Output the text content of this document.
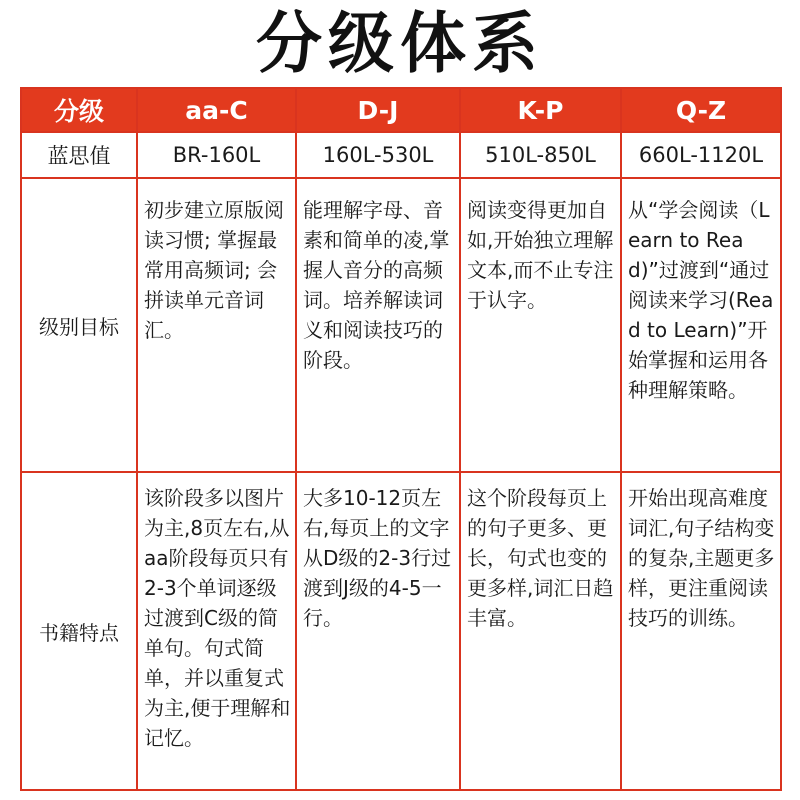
分级体系
分级	aa-C	D-J	K-P	Q-Z
蓝思值	BR-160L	160L-530L	510L-850L	660L-1120L
级别目标	初步建立原版阅读习惯; 掌握最常用高频词; 会拼读单元音词汇。	能理解字母、音素和简单的凌,掌握人音分的高频词。培养解读词义和阅读技巧的阶段。	阅读变得更加自如,开始独立理解文本,而不止专注于认字。	从“学会阅读（Learn to Read)”过渡到“通过阅读来学习(Read to Learn)”开始掌握和运用各种理解策略。

书籍特点	该阶段多以图片为主,8页左右,从aa阶段每页只有2-3个单词逐级过渡到C级的简单句。句式简单，并以重复式为主,便于理解和记忆。	大多10-12页左右,每页上的文字从D级的2-3行过渡到J级的4-5一行。	这个阶段每页上的句子更多、更长，句式也变的更多样,词汇日趋丰富。	开始出现高难度词汇,句子结构变的复杂,主题更多样，更注重阅读技巧的训练。
